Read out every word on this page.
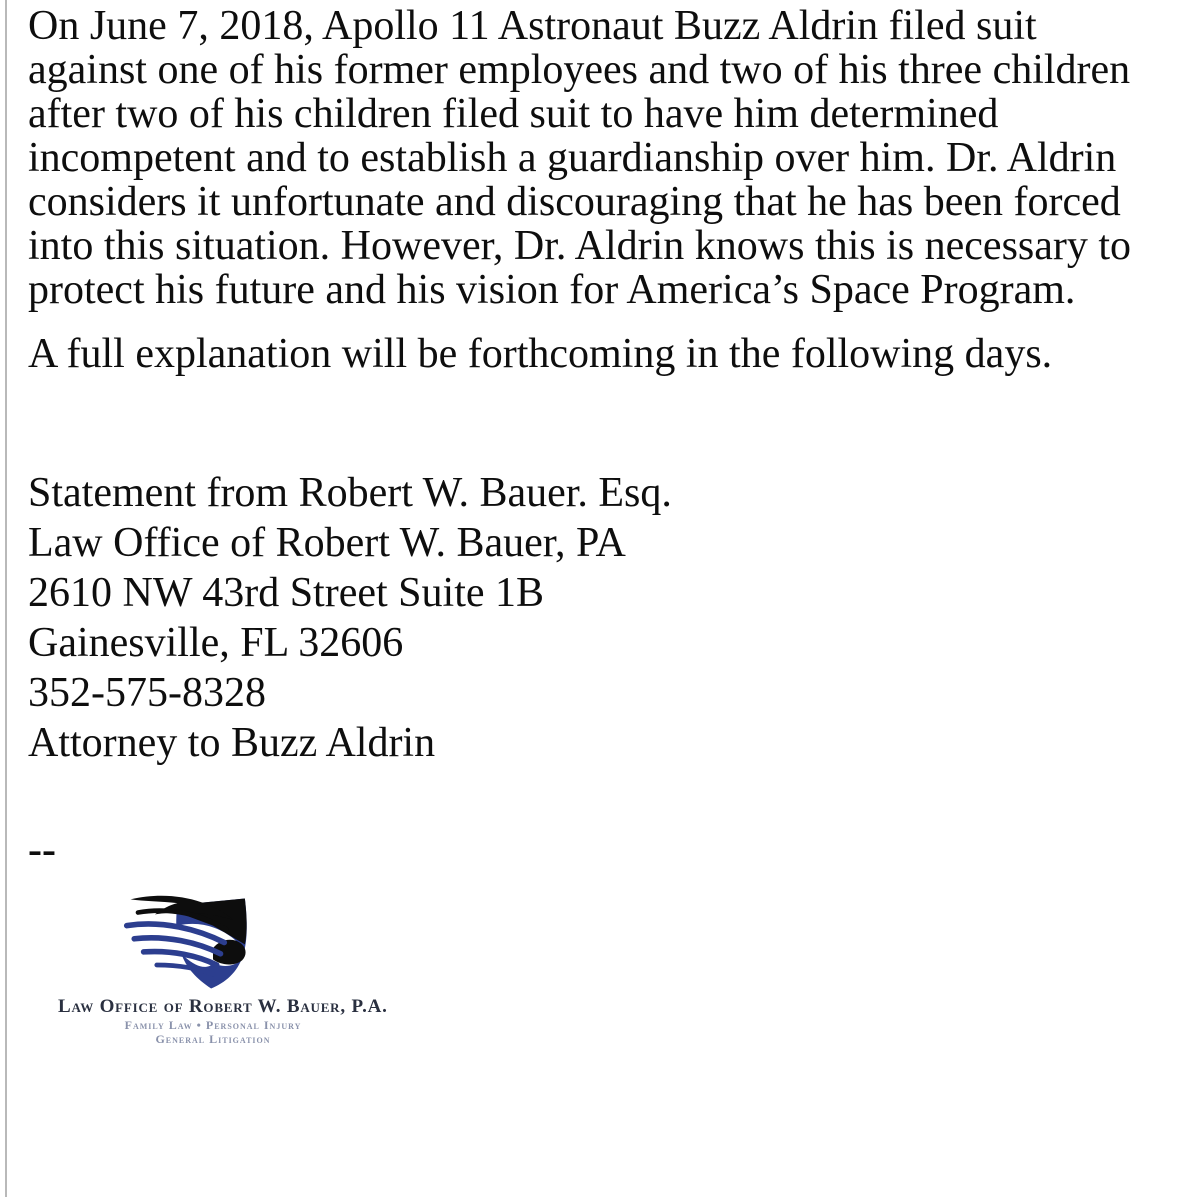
On June 7, 2018, Apollo 11 Astronaut Buzz Aldrin filed suit against one of his former employees and two of his three children after two of his children filed suit to have him determined incompetent and to establish a guardianship over him. Dr. Aldrin considers it unfortunate and discouraging that he has been forced into this situation. However, Dr. Aldrin knows this is necessary to protect his future and his vision for America’s Space Program.

A full explanation will be forthcoming in the following days.

Statement from Robert W. Bauer. Esq.
Law Office of Robert W. Bauer, PA
2610 NW 43rd Street Suite 1B
Gainesville, FL 32606
352-575-8328
Attorney to Buzz Aldrin
--
Law Office of Robert W. Bauer, P.A.
Family Law • Personal Injury
General Litigation
